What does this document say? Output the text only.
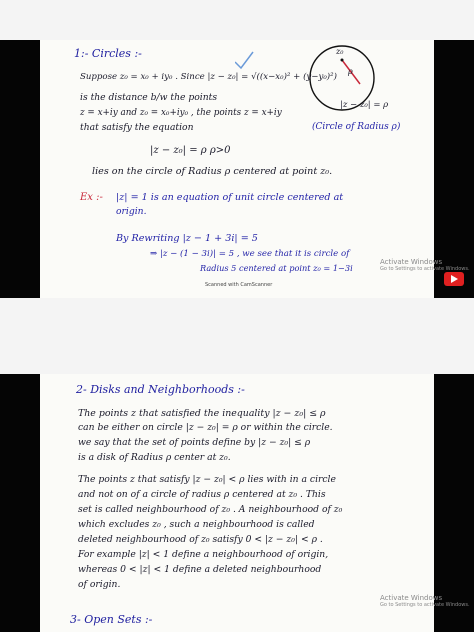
1:- Circles :-	z₀
ρ
|z − z₀| = ρ
(Circle of Radius ρ)
Suppose z₀ = x₀ + iy₀ . Since |z − z₀| = √((x−x₀)² + (y−y₀)²)
is the distance b/w the points
z = x+iy and z₀ = x₀+iy₀ , the points z = x+iy
that satisfy the equation
|z − z₀| = ρ ρ>0
lies on the circle of Radius ρ centered at point z₀.
Ex :- |z| = 1 is an equation of unit circle centered at
origin.
By Rewriting |z − 1 + 3i| = 5
⇒ |z − (1 − 3i)| = 5 , we see that it is circle of
Radius 5 centered at point z₀ = 1−3i
Scanned with CamScanner
Activate Windows
Go to Settings to activate Windows.
2- Disks and Neighborhoods :-
The points z that satisfied the inequality |z − z₀| ≤ ρ
can be either on circle |z − z₀| = ρ or within the circle.
we say that the set of points define by |z − z₀| ≤ ρ
is a disk of Radius ρ center at z₀.
The points z that satisfy |z − z₀| < ρ lies with in a circle
and not on of a circle of radius ρ centered at z₀ . This
set is called neighbourhood of z₀ . A neighbourhood of z₀
which excludes z₀ , such a neighbourhood is called
deleted neighbourhood of z₀ satisfy 0 < |z − z₀| < ρ .
For example |z| < 1 define a neighbourhood of origin,
whereas 0 < |z| < 1 define a deleted neighbourhood
of origin.
Activate Windows
Go to Settings to activate Windows.
3- Open Sets :-
